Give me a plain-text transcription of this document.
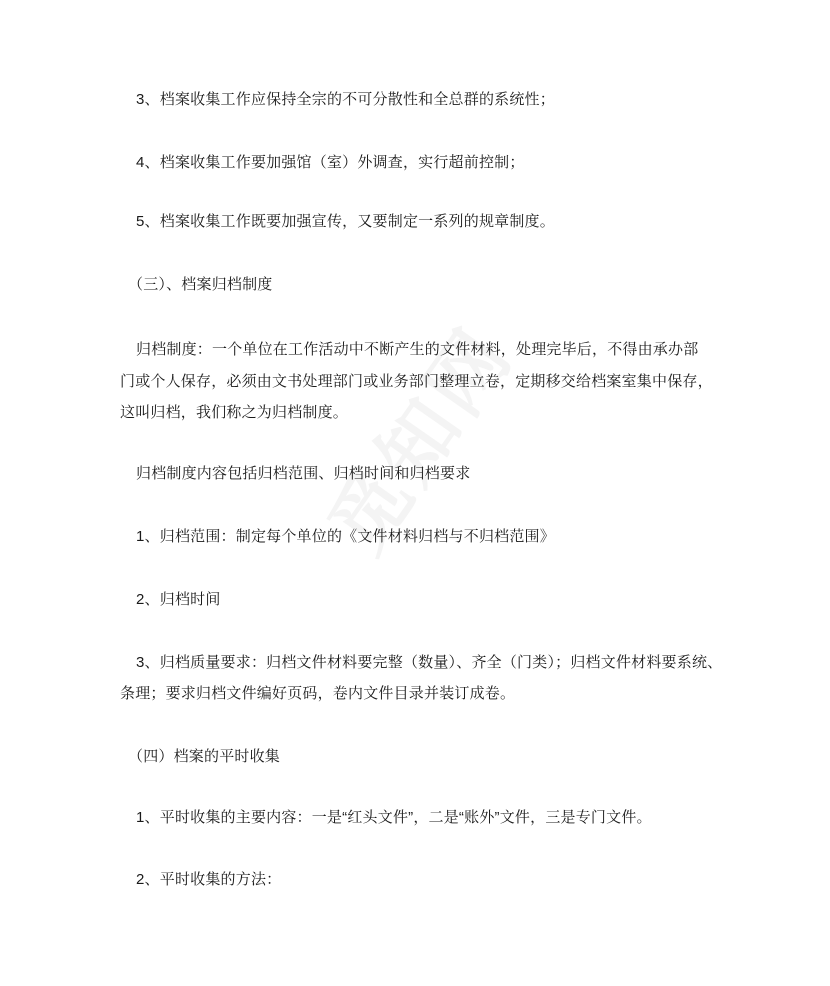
3、档案收集工作应保持全宗的不可分散性和全总群的系统性；
4、档案收集工作要加强馆（室）外调查，实行超前控制；
5、档案收集工作既要加强宣传，又要制定一系列的规章制度。
（三）、档案归档制度
归档制度：一个单位在工作活动中不断产生的文件材料，处理完毕后，不得由承办部
门或个人保存，必须由文书处理部门或业务部门整理立卷，定期移交给档案室集中保存，
这叫归档，我们称之为归档制度。
归档制度内容包括归档范围、归档时间和归档要求
1、归档范围：制定每个单位的《文件材料归档与不归档范围》
2、归档时间
3、归档质量要求：归档文件材料要完整（数量）、齐全（门类）；归档文件材料要系统、
条理；要求归档文件编好页码，卷内文件目录并装订成卷。
（四）档案的平时收集
1、平时收集的主要内容：一是“红头文件”，二是“账外”文件，三是专门文件。
2、平时收集的方法：
